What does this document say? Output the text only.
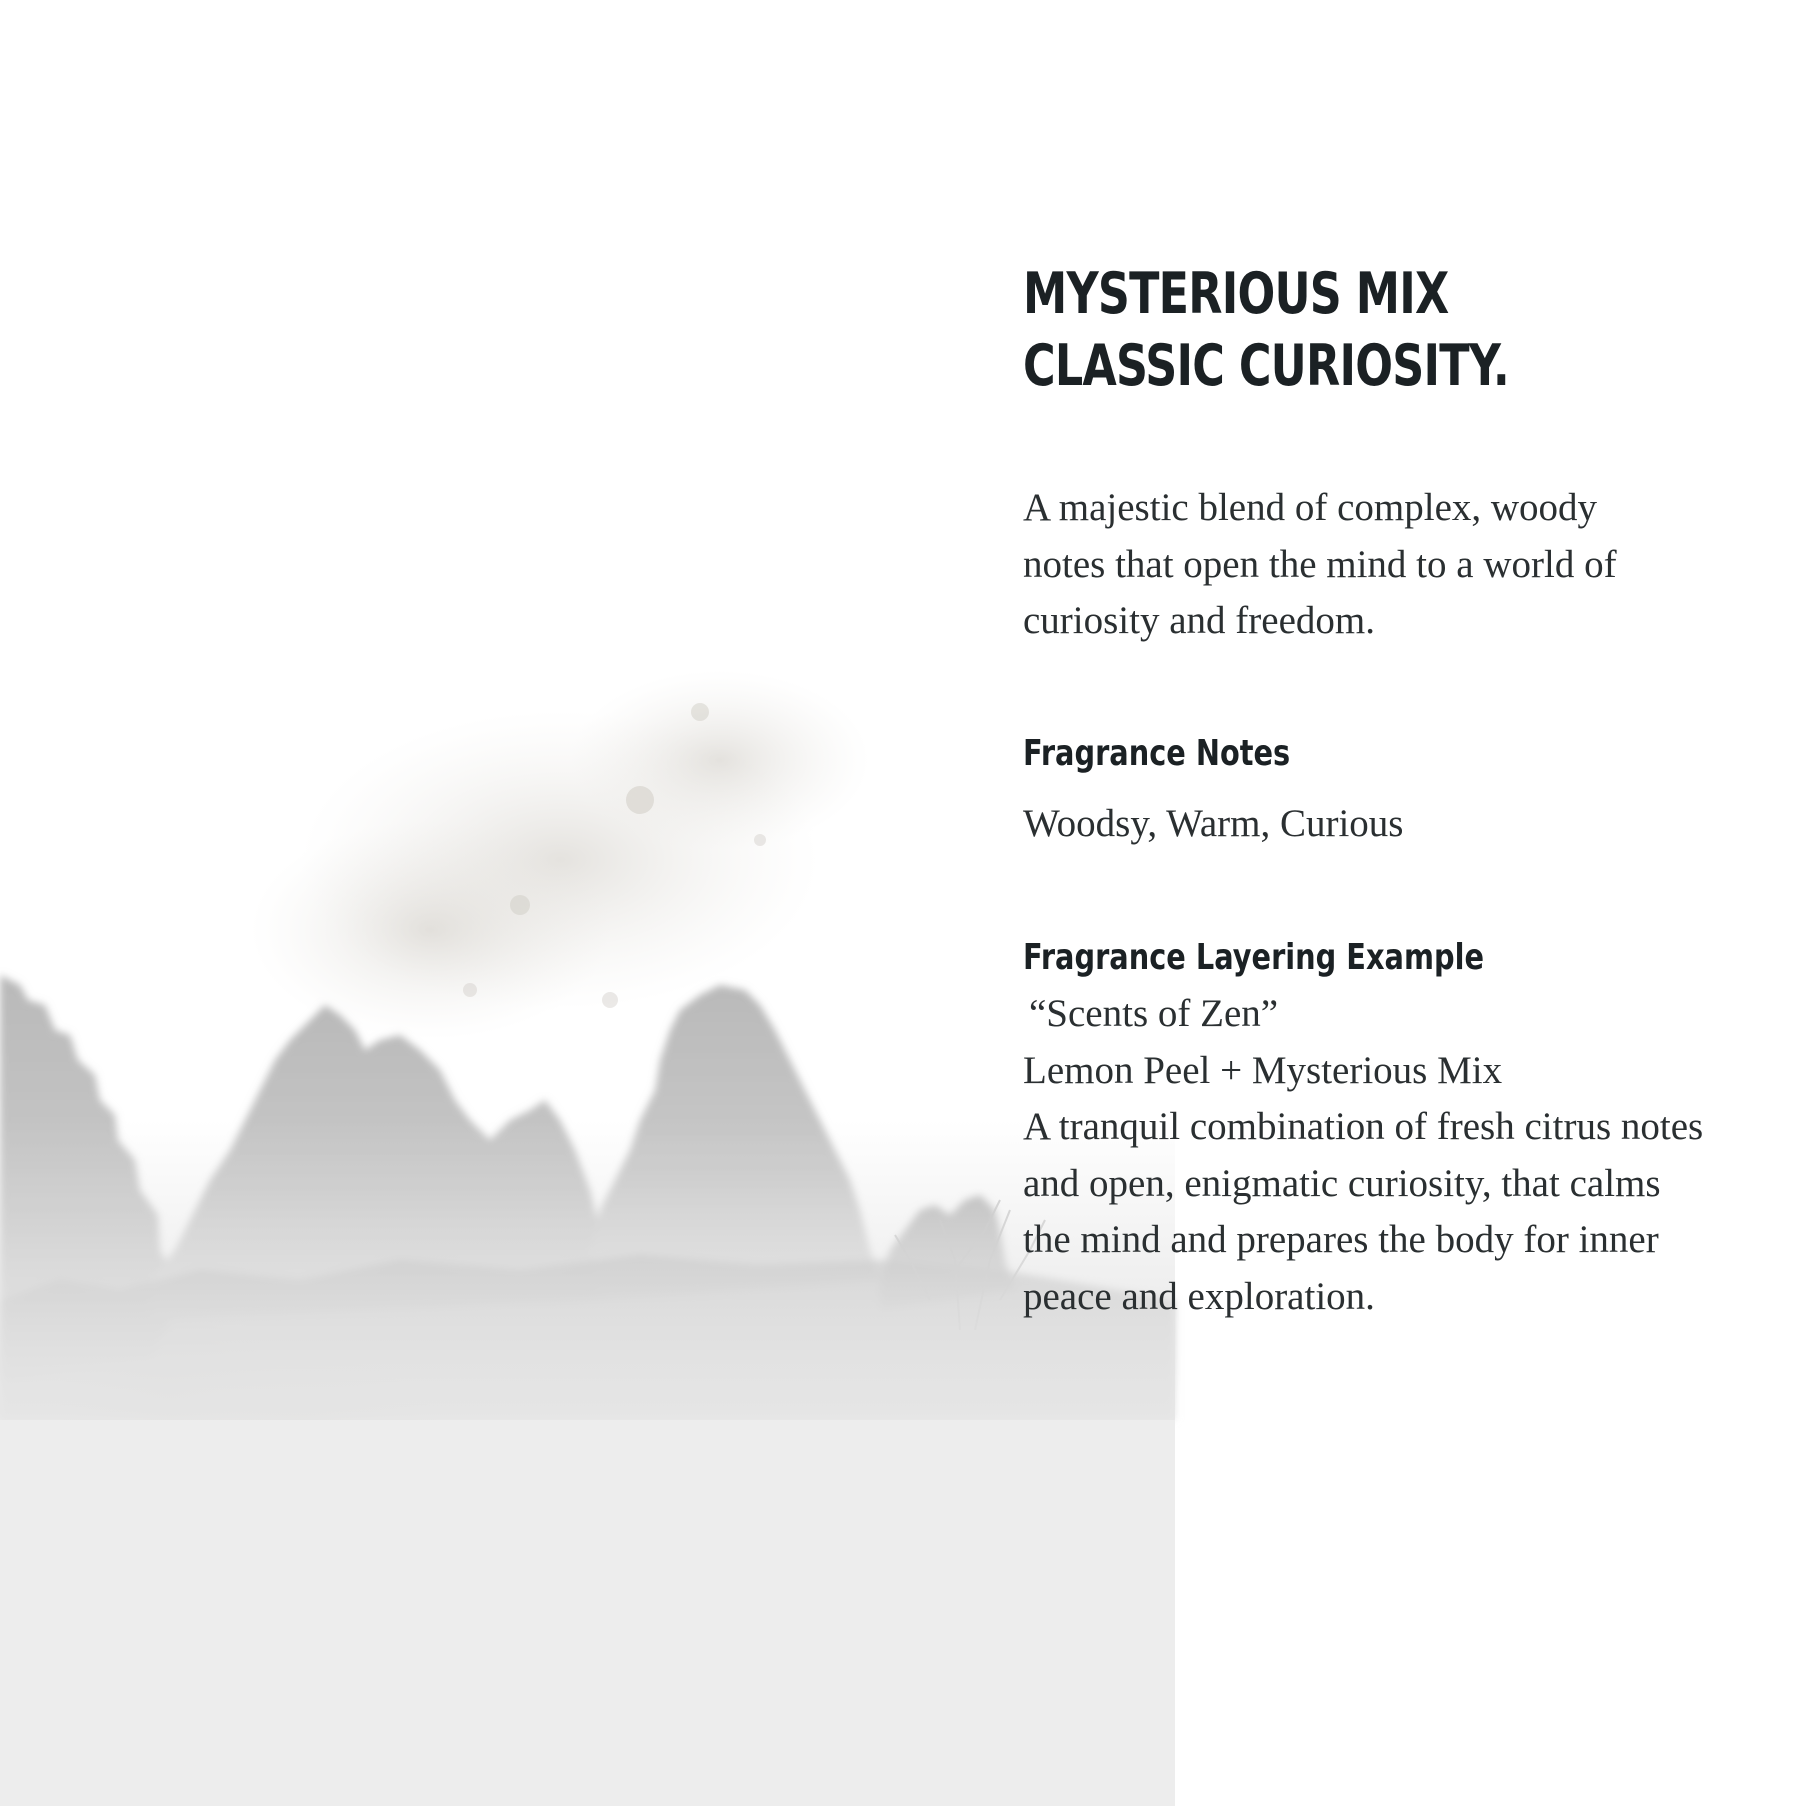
MYSTERIOUS MIX
CLASSIC CURIOSITY.

A majestic blend of complex, woody notes that open the mind to a world of curiosity and freedom.

Fragrance Notes

Woodsy, Warm, Curious

Fragrance Layering Example

“Scents of Zen”

Lemon Peel + Mysterious Mix

A tranquil combination of fresh citrus notes and open, enigmatic curiosity, that calms the mind and prepares the body for inner peace and exploration.
